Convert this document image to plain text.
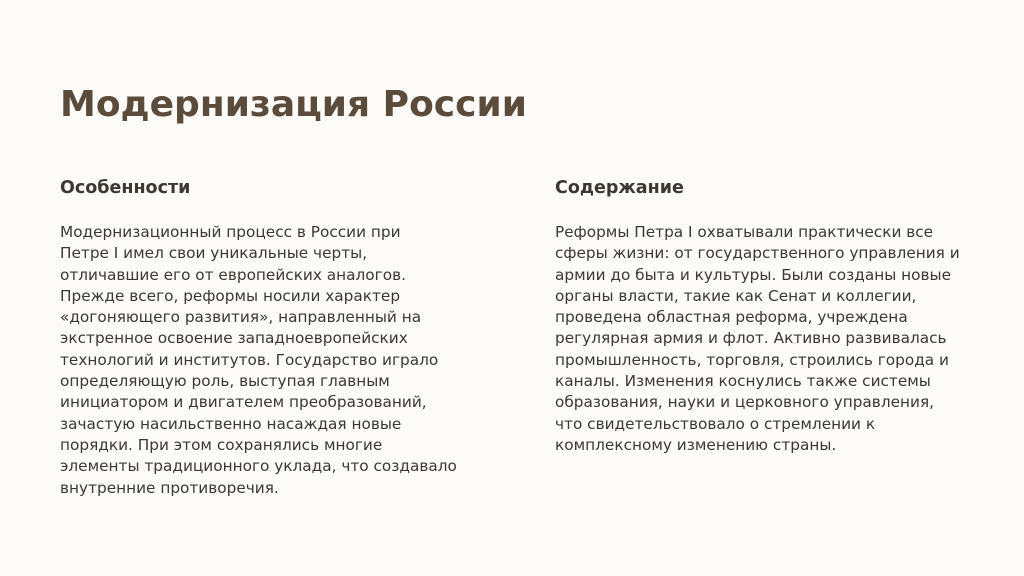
Модернизация России
Особенности

Модернизационный процесс в России при
Петре I имел свои уникальные черты,
отличавшие его от европейских аналогов.
Прежде всего, реформы носили характер
«догоняющего развития», направленный на
экстренное освоение западноевропейских
технологий и институтов. Государство играло
определяющую роль, выступая главным
инициатором и двигателем преобразований,
зачастую насильственно насаждая новые
порядки. При этом сохранялись многие
элементы традиционного уклада, что создавало
внутренние противоречия.

Содержание

Реформы Петра I охватывали практически все
сферы жизни: от государственного управления и
армии до быта и культуры. Были созданы новые
органы власти, такие как Сенат и коллегии,
проведена областная реформа, учреждена
регулярная армия и флот. Активно развивалась
промышленность, торговля, строились города и
каналы. Изменения коснулись также системы
образования, науки и церковного управления,
что свидетельствовало о стремлении к
комплексному изменению страны.
